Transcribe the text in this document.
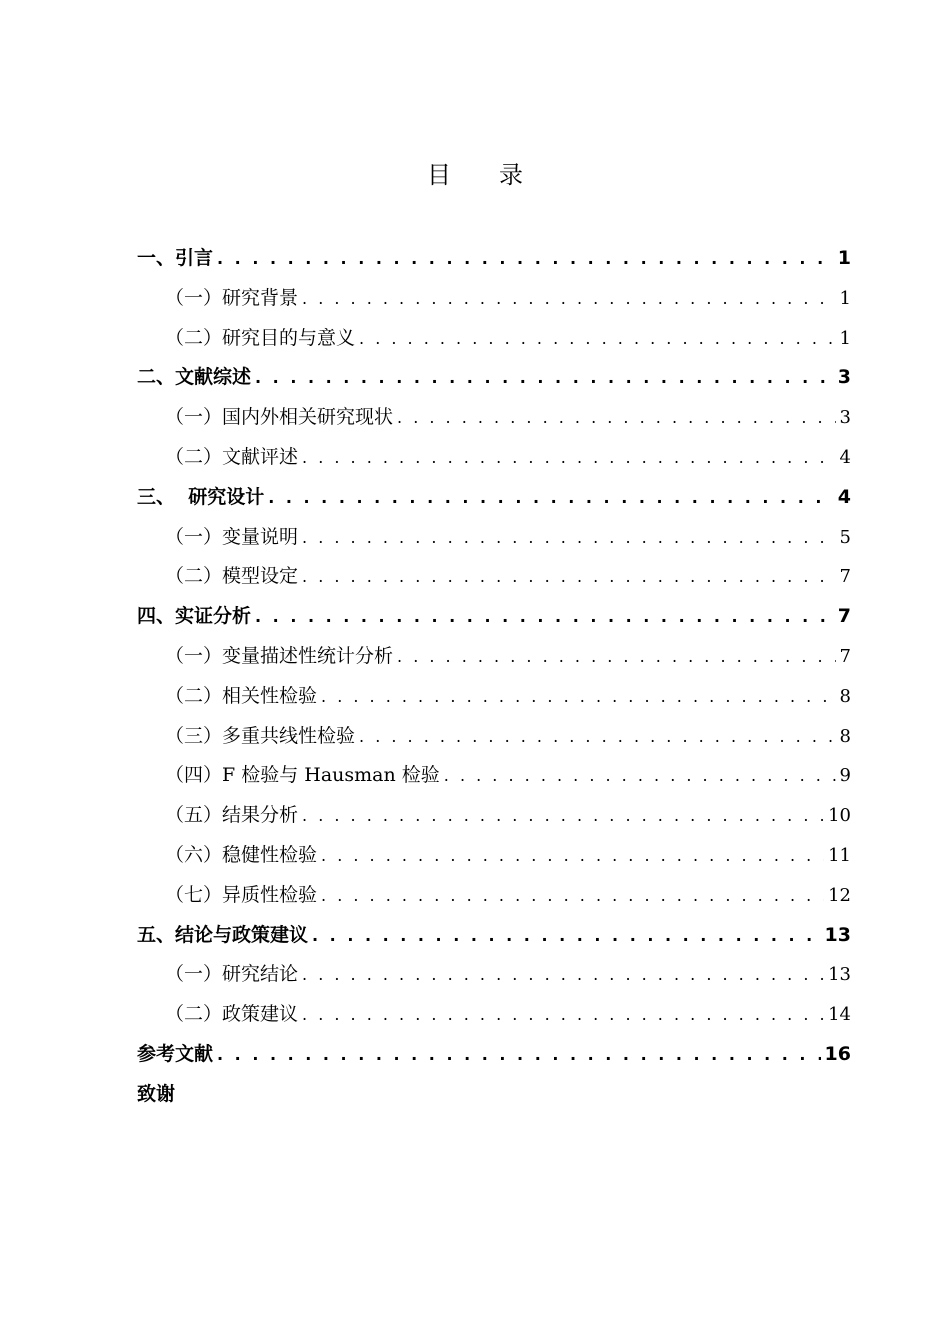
目 录
一、引言 . . .	1
（一）研究背景 . . .	1
（二）研究目的与意义 . . .	1
二、文献综述 . . .	3
（一）国内外相关研究现状 . . .	3
（二）文献评述 . . .	4
三、  研究设计 . . .	4
（一）变量说明 . . .	5
（二）模型设定 . . .	7
四、实证分析 . . .	7
（一）变量描述性统计分析 . . .	7
（二）相关性检验 . . .	8
（三）多重共线性检验 . . .	8
（四）F 检验与 Hausman 检验 . . .	9
（五）结果分析 . . .	10
（六）稳健性检验 . . .	11
（七）异质性检验 . . .	12
五、结论与政策建议 . . .	13
（一）研究结论 . . .	13
（二）政策建议 . . .	14
参考文献 . . .	16
致谢
